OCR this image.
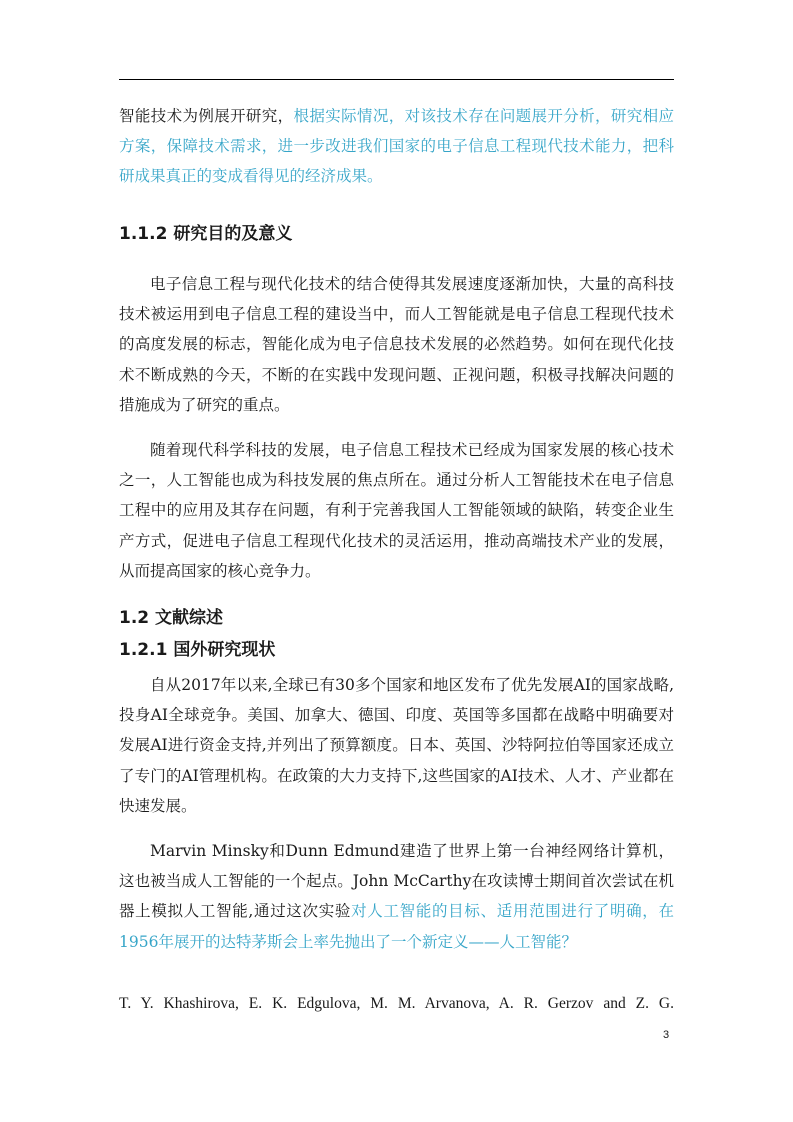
智能技术为例展开研究，根据实际情况，对该技术存在问题展开分析，研究相应方案，保障技术需求，进一步改进我们国家的电子信息工程现代技术能力，把科研成果真正的变成看得见的经济成果。

1.1.2 研究目的及意义

电子信息工程与现代化技术的结合使得其发展速度逐渐加快，大量的高科技技术被运用到电子信息工程的建设当中，而人工智能就是电子信息工程现代技术的高度发展的标志，智能化成为电子信息技术发展的必然趋势。如何在现代化技术不断成熟的今天，不断的在实践中发现问题、正视问题，积极寻找解决问题的措施成为了研究的重点。

随着现代科学科技的发展，电子信息工程技术已经成为国家发展的核心技术之一，人工智能也成为科技发展的焦点所在。通过分析人工智能技术在电子信息工程中的应用及其存在问题，有利于完善我国人工智能领域的缺陷，转变企业生产方式，促进电子信息工程现代化技术的灵活运用，推动高端技术产业的发展，从而提高国家的核心竞争力。

1.2 文献综述
1.2.1 国外研究现状

自从2017年以来,全球已有30多个国家和地区发布了优先发展AI的国家战略,投身AI全球竞争。美国、加拿大、德国、印度、英国等多国都在战略中明确要对发展AI进行资金支持,并列出了预算额度。日本、英国、沙特阿拉伯等国家还成立了专门的AI管理机构。在政策的大力支持下,这些国家的AI技术、人才、产业都在快速发展。

Marvin Minsky和Dunn Edmund建造了世界上第一台神经网络计算机，这也被当成人工智能的一个起点。John McCarthy在攻读博士期间首次尝试在机器上模拟人工智能,通过这次实验对人工智能的目标、适用范围进行了明确，在1956年展开的达特茅斯会上率先抛出了一个新定义——人工智能？

T. Y. Khashirova, E. K. Edgulova, M. M. Arvanova, A. R. Gerzov and Z. G.

3
